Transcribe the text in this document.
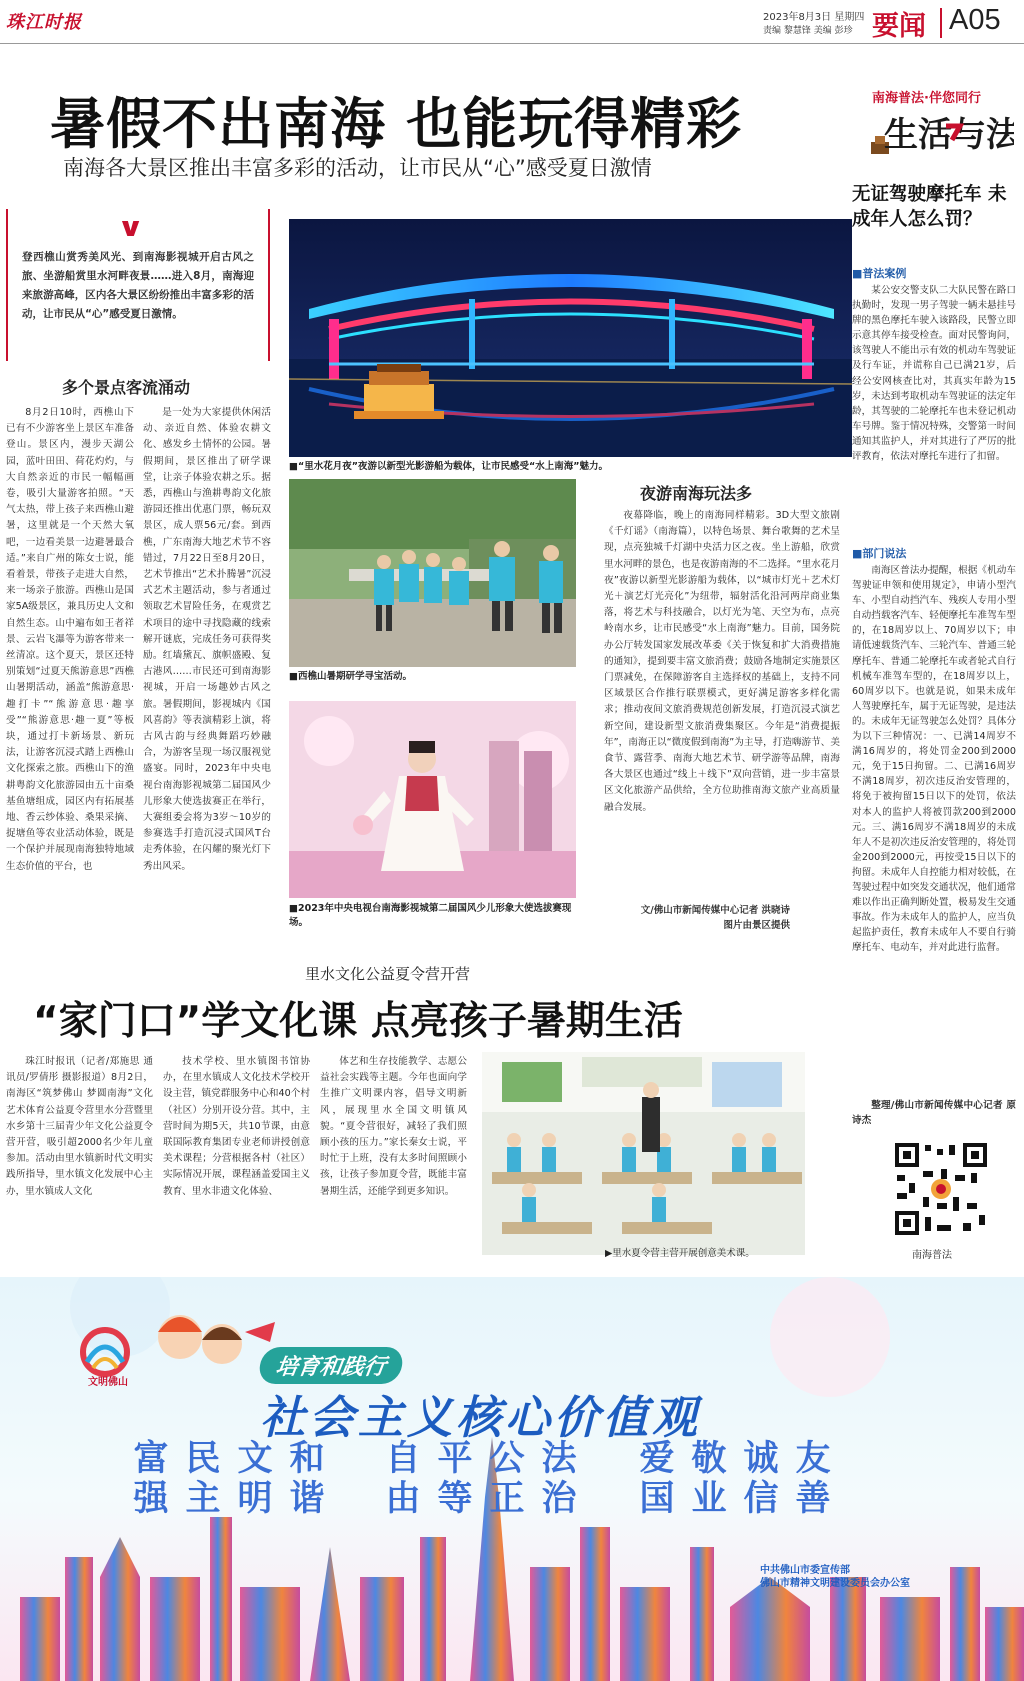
珠江时报	2023年8月3日 星期四
责编 黎慧锋 美编 彭珍 要闻 A05
暑假不出南海 也能玩得精彩
南海各大景区推出丰富多彩的活动，让市民从“心”感受夏日激情
∨
登西樵山赏秀美风光、到南海影视城开启古风之旅、坐游船赏里水河畔夜景……进入8月，南海迎来旅游高峰，区内各大景区纷纷推出丰富多彩的活动，让市民从“心”感受夏日激情。
多个景点客流涌动

8月2日10时，西樵山下已有不少游客坐上景区车准备登山。景区内，漫步天湖公园，蓝叶田田、荷花灼灼，与大自然亲近的市民一幅幅画卷，吸引大量游客拍照。“天气太热，带上孩子来西樵山避暑，这里就是一个天然大氧吧，一边看美景一边避暑最合适。”来自广州的陈女士说，能看着景，带孩子走进大自然，来一场亲子旅游。西樵山是国家5A级景区，兼具历史人文和自然生态。山中遍布如王者祥景、云岩飞瀑等为游客带来一丝清凉。这个夏天，景区还特别策划“过夏天熊游意思”西樵山暑期活动，涵盖“熊游意思·趣打卡”“熊游意思·趣享受”“熊游意思·趣一夏”等板块，通过打卡新场景、新玩法，让游客沉浸式踏上西樵山文化探索之旅。西樵山下的渔耕粤韵文化旅游园由五十亩桑基鱼塘组成，园区内有拓展基地、香云纱体验、桑果采摘、捉塘鱼等农业活动体验，既是一个保护并展现南海独特地域生态价值的平台，也

是一处为大家提供休闲活动、亲近自然、体验农耕文化、感发乡土情怀的公园。暑假期间，景区推出了研学课堂，让亲子体验农耕之乐。据悉，西樵山与渔耕粤韵文化旅游园还推出优惠门票，畅玩双景区，成人票56元/套。到西樵，广东南海大地艺术节不容错过，7月22日至8月20日，艺术节推出“艺术扑腾暑”沉浸式艺术主题活动，参与者通过领取艺术冒险任务，在观赏艺术项目的途中寻找隐藏的线索解开谜底，完成任务可获得奖励。红墙黛瓦、旗帜盛殿、复古港风……市民还可到南海影视城，开启一场趣妙古风之旅。暑假期间，影视城内《国风喜韵》等表演精彩上演，将古风古韵与经典舞蹈巧妙融合，为游客呈现一场汉服视觉盛宴。同时，2023年中央电视台南海影视城第二届国风少儿形象大使选拔赛正在举行，大赛组委会将为3岁～10岁的参赛选手打造沉浸式国风T台走秀体验，在闪耀的聚光灯下秀出风采。

■“里水花月夜”夜游以新型光影游船为载体，让市民感受“水上南海”魅力。
■西樵山暑期研学寻宝活动。
■2023年中央电视台南海影视城第二届国风少儿形象大使选拔赛现场。
夜游南海玩法多

夜幕降临，晚上的南海同样精彩。3D大型文旅剧《千灯谣》（南海篇），以特色场景、舞台歌舞的艺术呈现，点亮独城千灯湖中央活力区之夜。坐上游船，欣赏里水河畔的景色，也是夜游南海的不二选择。“里水花月夜”夜游以新型光影游船为载体，以“城市灯光＋艺术灯光＋演艺灯光亮化”为纽带，辐射活化沿河两岸商业集落，将艺术与科技融合，以灯光为笔、天空为布，点亮岭南水乡，让市民感受“水上南海”魅力。目前，国务院办公厅转发国家发展改革委《关于恢复和扩大消费措施的通知》，提到要丰富文旅消费；鼓励各地制定实施景区门票减免，在保障游客自主选择权的基础上，支持不同区域景区合作推行联票模式，更好满足游客多样化需求；推动夜间文旅消费规范创新发展，打造沉浸式演艺新空间，建设新型文旅消费集聚区。今年是“消费提振年”，南海正以“微度假到南海”为主导，打造嗨游节、美食节、露营季、南海大地艺术节、研学游等品牌，南海各大景区也通过“线上＋线下”双向营销，进一步丰富景区文化旅游产品供给，全方位助推南海文旅产业高质量融合发展。

文/佛山市新闻传媒中心记者 洪晓诗
图片由景区提供
里水文化公益夏令营开营
“家门口”学文化课 点亮孩子暑期生活

珠江时报讯（记者/郑施思 通讯员/罗倩彤 摄影报道）8月2日，南海区“筑梦佛山 梦圆南海”文化艺术体育公益夏令营里水分营暨里水乡第十三届青少年文化公益夏令营开营，吸引超2000名少年儿童参加。活动由里水镇新时代文明实践所指导，里水镇文化发展中心主办，里水镇成人文化

技术学校、里水镇图书馆协办，在里水镇成人文化技术学校开设主营，镇党群服务中心和40个村（社区）分别开设分营。其中，主营时间为期5天，共10节课，由意联国际教育集团专业老师讲授创意美术课程；分营根据各村（社区）实际情况开展，课程涵盖爱国主义教育、里水非遗文化体验、

体艺和生存技能教学、志愿公益社会实践等主题。今年也面向学生推广文明课内容，倡导文明新风，展现里水全国文明镇风貌。“夏令营很好，减轻了我们照顾小孩的压力。”家长秦女士说，平时忙于上班，没有太多时间照顾小孩，让孩子参加夏令营，既能丰富暑期生活，还能学到更多知识。

▶里水夏令营主营开展创意美术课。
南海普法·伴您同行
生活与法
无证驾驶摩托车 未成年人怎么罚？
■普法案例

某公安交警支队二大队民警在路口执勤时，发现一男子驾驶一辆未悬挂号牌的黑色摩托车驶入该路段，民警立即示意其停车接受检查。面对民警询问，该驾驶人不能出示有效的机动车驾驶证及行车证，并谎称自己已满21岁，后经公安网核查比对，其真实年龄为15岁，未达到考取机动车驾驶证的法定年龄，其驾驶的二轮摩托车也未登记机动车号牌。鉴于情况特殊，交警第一时间通知其监护人，并对其进行了严厉的批评教育，依法对摩托车进行了扣留。

■部门说法

南海区普法办提醒，根据《机动车驾驶证申领和使用规定》，申请小型汽车、小型自动挡汽车、残疾人专用小型自动挡载客汽车、轻便摩托车准驾车型的，在18周岁以上、70周岁以下；申请低速载货汽车、三轮汽车、普通三轮摩托车、普通二轮摩托车或者轮式自行机械车准驾车型的，在18周岁以上，60周岁以下。也就是说，如果未成年人驾驶摩托车，属于无证驾驶，是违法的。未成年无证驾驶怎么处罚？具体分为以下三种情况：一、已满14周岁不满16周岁的，将处罚金200到2000元，免于15日拘留。二、已满16周岁不满18周岁，初次违反治安管理的，将免于被拘留15日以下的处罚，依法对本人的监护人将被罚款200到2000元。三、满16周岁不满18周岁的未成年人不是初次违反治安管理的，将处罚金200到2000元，再按受15日以下的拘留。未成年人自控能力相对较低，在驾驶过程中如突发交通状况，他们通常难以作出正确判断处置，极易发生交通事故。作为未成年人的监护人，应当负起监护责任，教育未成年人不要自行骑摩托车、电动车，并对此进行监督。

整理/佛山市新闻传媒中心记者 原诗杰
南海普法
文明佛山
培育和践行
社会主义核心价值观
富强

民主

文明

和谐
自由

平等

公正

法治
爱国

敬业

诚信

友善
中共佛山市委宣传部
佛山市精神文明建设委员会办公室
